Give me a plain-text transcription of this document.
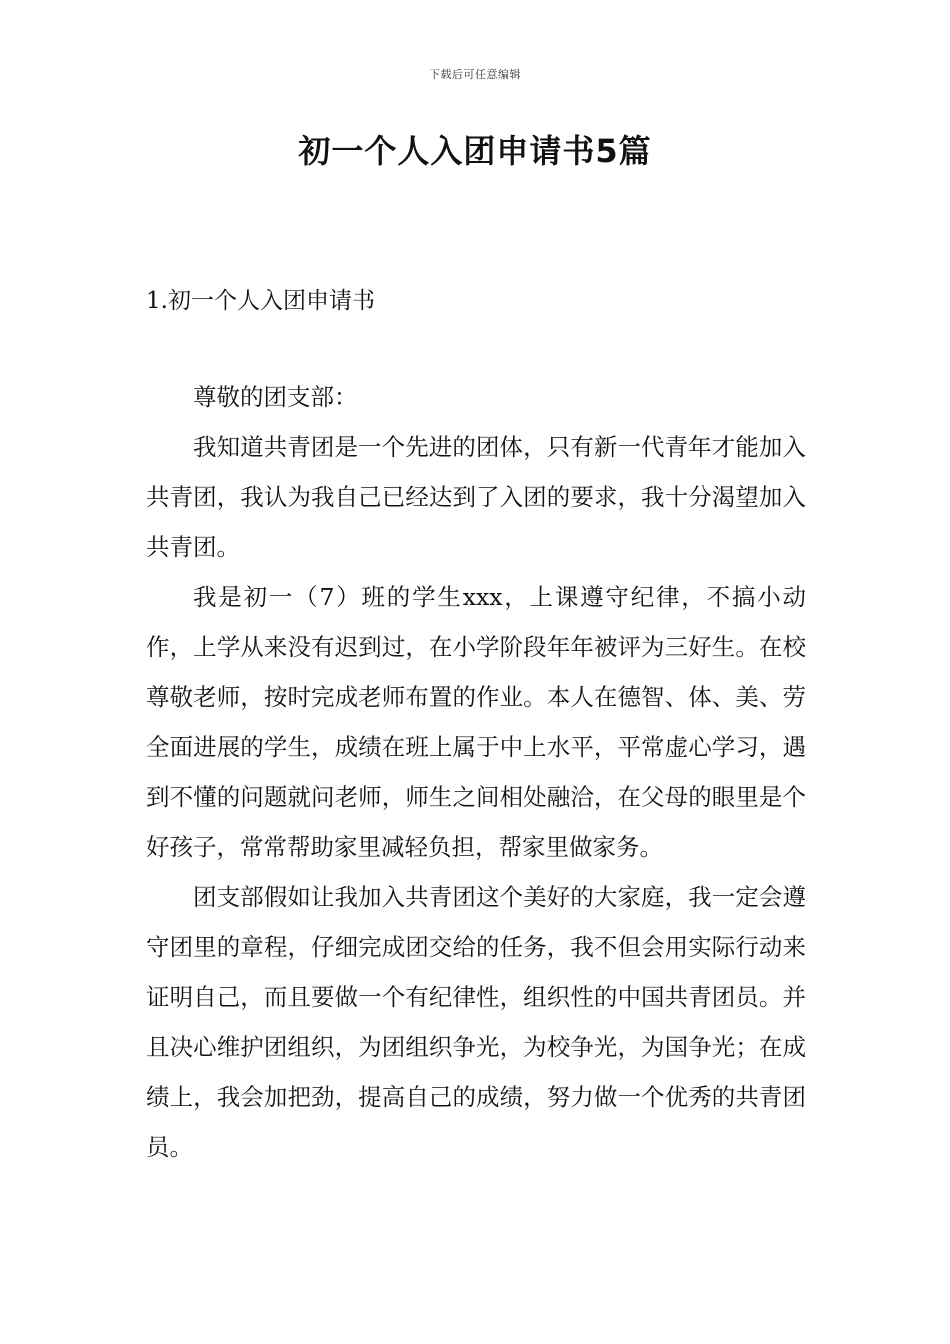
下载后可任意编辑
初一个人入团申请书5篇
1.初一个人入团申请书

尊敬的团支部：

我知道共青团是一个先进的团体，只有新一代青年才能加入共青团，我认为我自己已经达到了入团的要求，我十分渴望加入共青团。

我是初一（7）班的学生xxx，上课遵守纪律，不搞小动作，上学从来没有迟到过，在小学阶段年年被评为三好生。在校尊敬老师，按时完成老师布置的作业。本人在德智、体、美、劳全面进展的学生，成绩在班上属于中上水平，平常虚心学习，遇到不懂的问题就问老师，师生之间相处融洽，在父母的眼里是个好孩子，常常帮助家里减轻负担，帮家里做家务。

团支部假如让我加入共青团这个美好的大家庭，我一定会遵守团里的章程，仔细完成团交给的任务，我不但会用实际行动来证明自己，而且要做一个有纪律性，组织性的中国共青团员。并且决心维护团组织，为团组织争光，为校争光，为国争光；在成绩上，我会加把劲，提高自己的成绩，努力做一个优秀的共青团员。
